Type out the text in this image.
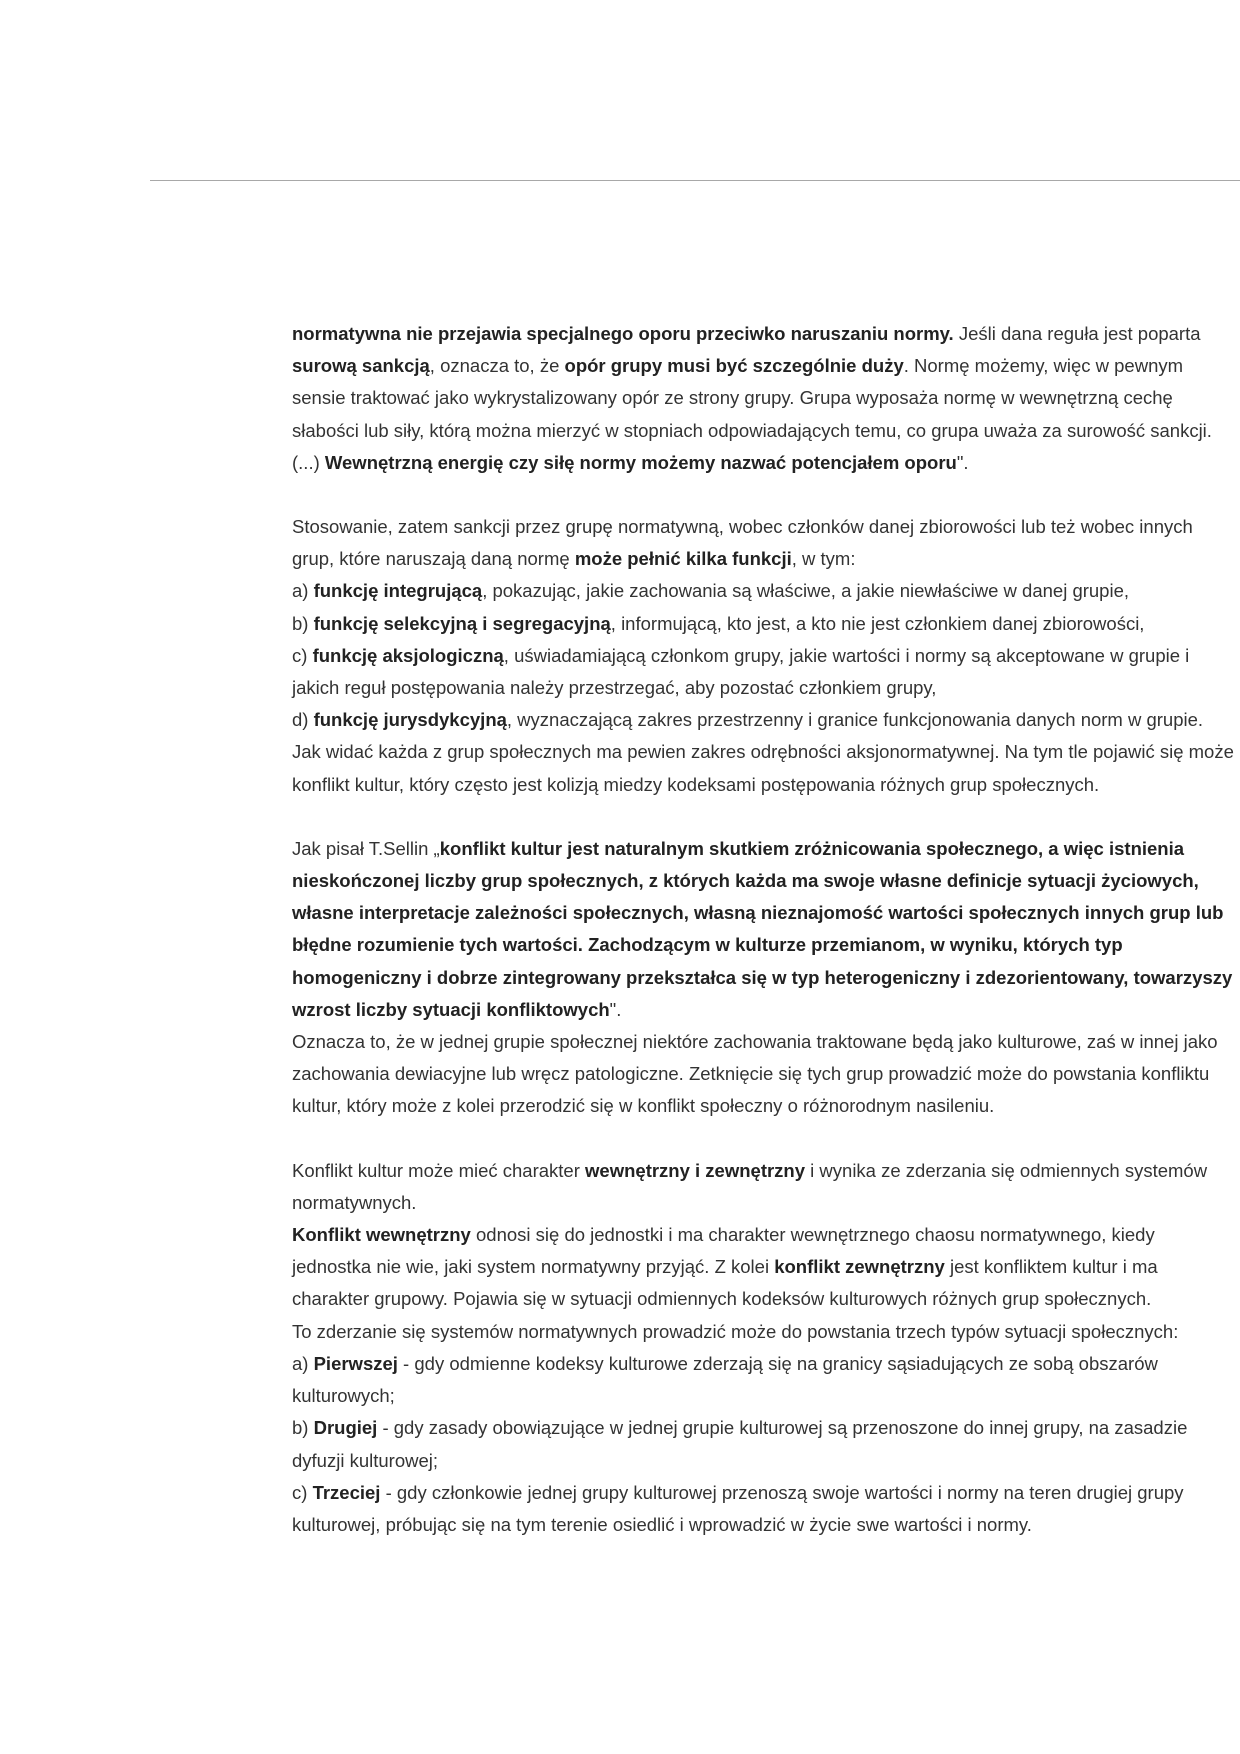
normatywna nie przejawia specjalnego oporu przeciwko naruszaniu normy. Jeśli dana reguła jest poparta surową sankcją, oznacza to, że opór grupy musi być szczególnie duży. Normę możemy, więc w pewnym sensie traktować jako wykrystalizowany opór ze strony grupy. Grupa wyposaża normę w wewnętrzną cechę słabości lub siły, którą można mierzyć w stopniach odpowiadających temu, co grupa uważa za surowość sankcji. (...) Wewnętrzną energię czy siłę normy możemy nazwać potencjałem oporu".

Stosowanie, zatem sankcji przez grupę normatywną, wobec członków danej zbiorowości lub też wobec innych grup, które naruszają daną normę może pełnić kilka funkcji, w tym:

a) funkcję integrującą, pokazując, jakie zachowania są właściwe, a jakie niewłaściwe w danej grupie,

b) funkcję selekcyjną i segregacyjną, informującą, kto jest, a kto nie jest członkiem danej zbiorowości,

c) funkcję aksjologiczną, uświadamiającą członkom grupy, jakie wartości i normy są akceptowane w grupie i jakich reguł postępowania należy przestrzegać, aby pozostać członkiem grupy,

d) funkcję jurysdykcyjną, wyznaczającą zakres przestrzenny i granice funkcjonowania danych norm w grupie.

Jak widać każda z grup społecznych ma pewien zakres odrębności aksjonormatywnej. Na tym tle pojawić się może konflikt kultur, który często jest kolizją miedzy kodeksami postępowania różnych grup społecznych.

Jak pisał T.Sellin „konflikt kultur jest naturalnym skutkiem zróżnicowania społecznego, a więc istnienia nieskończonej liczby grup społecznych, z których każda ma swoje własne definicje sytuacji życiowych, własne interpretacje zależności społecznych, własną nieznajomość wartości społecznych innych grup lub błędne rozumienie tych wartości. Zachodzącym w kulturze przemianom, w wyniku, których typ homogeniczny i dobrze zintegrowany przekształca się w typ heterogeniczny i zdezorientowany, towarzyszy wzrost liczby sytuacji konfliktowych".

Oznacza to, że w jednej grupie społecznej niektóre zachowania traktowane będą jako kulturowe, zaś w innej jako zachowania dewiacyjne lub wręcz patologiczne. Zetknięcie się tych grup prowadzić może do powstania konfliktu kultur, który może z kolei przerodzić się w konflikt społeczny o różnorodnym nasileniu.

Konflikt kultur może mieć charakter wewnętrzny i zewnętrzny i wynika ze zderzania się odmiennych systemów normatywnych.

Konflikt wewnętrzny odnosi się do jednostki i ma charakter wewnętrznego chaosu normatywnego, kiedy jednostka nie wie, jaki system normatywny przyjąć. Z kolei konflikt zewnętrzny jest konfliktem kultur i ma charakter grupowy. Pojawia się w sytuacji odmiennych kodeksów kulturowych różnych grup społecznych.

To zderzanie się systemów normatywnych prowadzić może do powstania trzech typów sytuacji społecznych:

a) Pierwszej - gdy odmienne kodeksy kulturowe zderzają się na granicy sąsiadujących ze sobą obszarów kulturowych;

b) Drugiej - gdy zasady obowiązujące w jednej grupie kulturowej są przenoszone do innej grupy, na zasadzie dyfuzji kulturowej;

c) Trzeciej - gdy członkowie jednej grupy kulturowej przenoszą swoje wartości i normy na teren drugiej grupy kulturowej, próbując się na tym terenie osiedlić i wprowadzić w życie swe wartości i normy.
